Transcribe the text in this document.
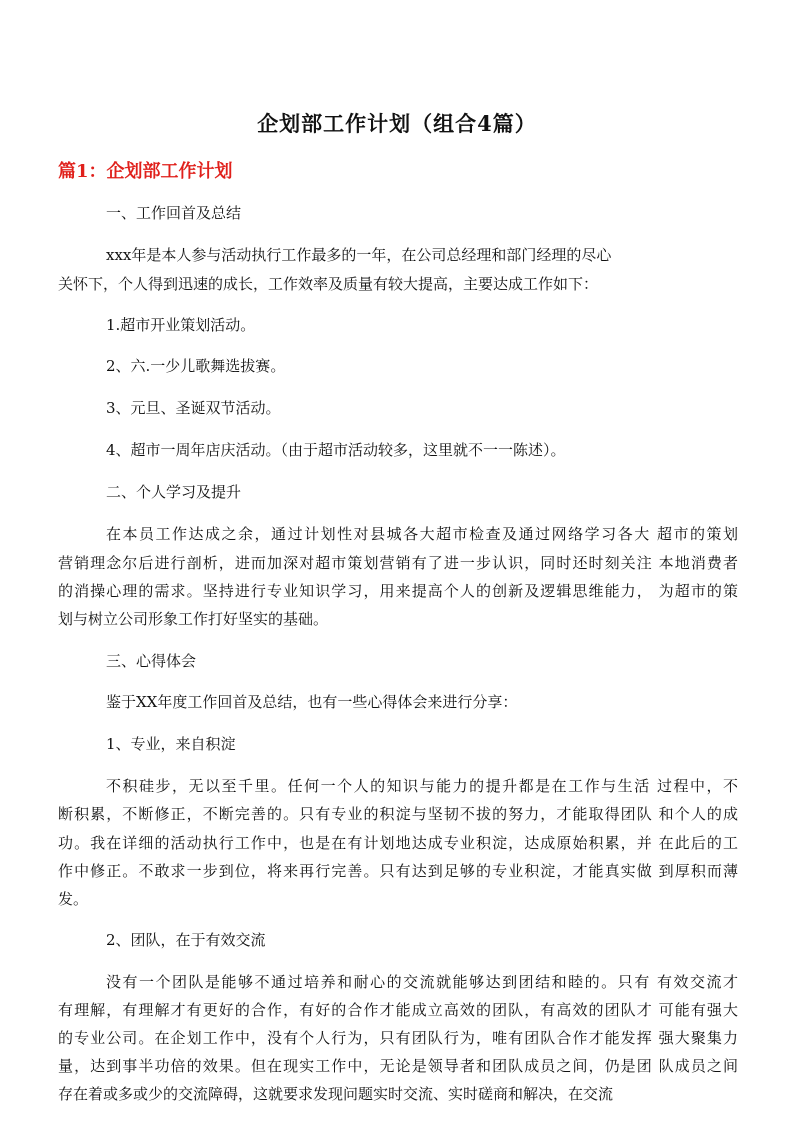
企划部工作计划（组合4篇）
篇1：企划部工作计划

一、工作回首及总结

xxx年是本人参与活动执行工作最多的一年，在公司总经理和部门经理的尽心

关怀下，个人得到迅速的成长，工作效率及质量有较大提高，主要达成工作如下：

1.超市开业策划活动。

2、六.一少儿歌舞选拔赛。

3、元旦、圣诞双节活动。

4、超市一周年店庆活动。（由于超市活动较多，这里就不一一陈述）。

二、个人学习及提升

在本员工作达成之余，通过计划性对县城各大超市检查及通过网络学习各大 超市的策划

营销理念尔后进行剖析，进而加深对超市策划营销有了进一步认识，同时还时刻关注 本地消费者

的消操心理的需求。坚持进行专业知识学习，用来提高个人的创新及逻辑思维能力， 为超市的策

划与树立公司形象工作打好坚实的基础。

三、心得体会

鉴于XX年度工作回首及总结，也有一些心得体会来进行分享：

1、专业，来自积淀

不积硅步，无以至千里。任何一个人的知识与能力的提升都是在工作与生活 过程中，不

断积累，不断修正，不断完善的。只有专业的积淀与坚韧不拔的努力，才能取得团队 和个人的成

功。我在详细的活动执行工作中，也是在有计划地达成专业积淀，达成原始积累，并 在此后的工

作中修正。不敢求一步到位，将来再行完善。只有达到足够的专业积淀，才能真实做 到厚积而薄

发。

2、团队，在于有效交流

没有一个团队是能够不通过培养和耐心的交流就能够达到团结和睦的。只有 有效交流才

有理解，有理解才有更好的合作，有好的合作才能成立高效的团队，有高效的团队才 可能有强大

的专业公司。在企划工作中，没有个人行为，只有团队行为，唯有团队合作才能发挥 强大聚集力

量，达到事半功倍的效果。但在现实工作中，无论是领导者和团队成员之间，仍是团 队成员之间

存在着或多或少的交流障碍，这就要求发现问题实时交流、实时磋商和解决，在交流
